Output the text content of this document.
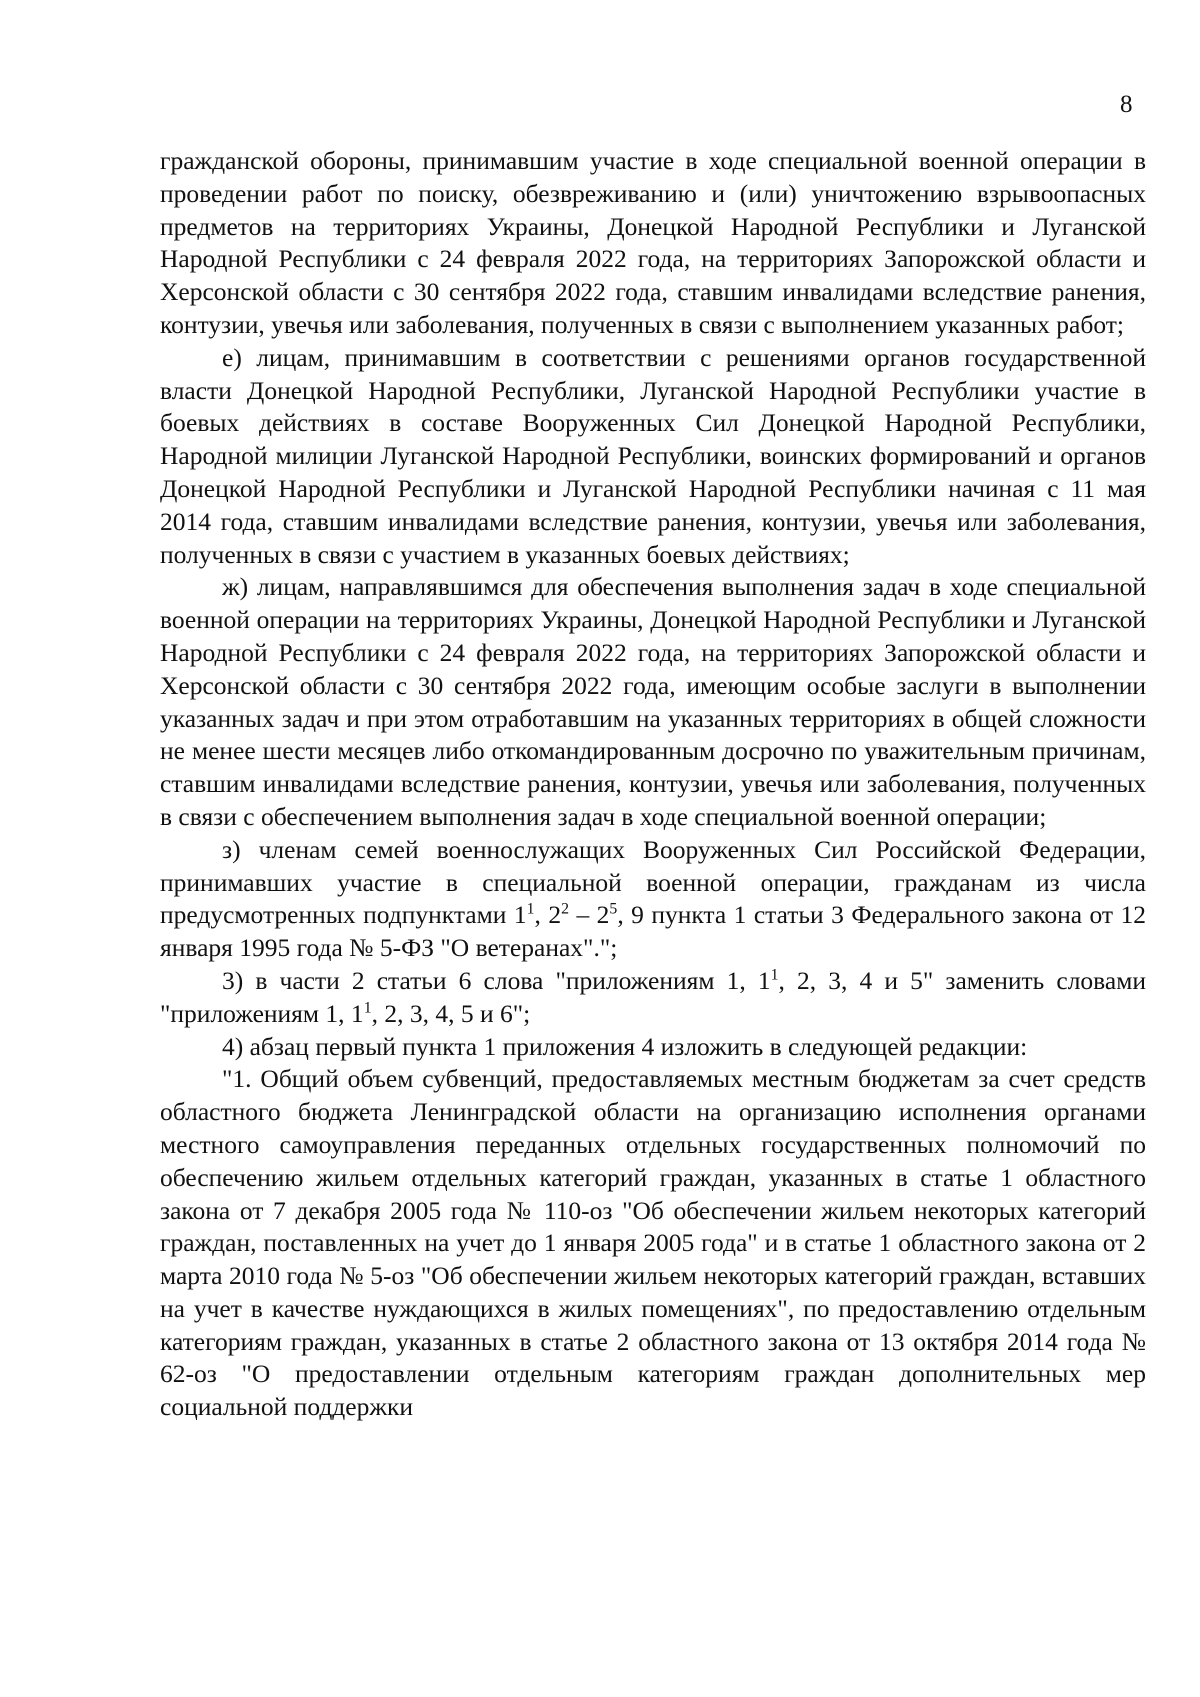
8

гражданской обороны, принимавшим участие в ходе специальной военной операции в проведении работ по поиску, обезвреживанию и (или) уничтожению взрывоопасных предметов на территориях Украины, Донецкой Народной Республики и Луганской Народной Республики с 24 февраля 2022 года, на территориях Запорожской области и Херсонской области с 30 сентября 2022 года, ставшим инвалидами вследствие ранения, контузии, увечья или заболевания, полученных в связи с выполнением указанных работ;

е) лицам, принимавшим в соответствии с решениями органов государственной власти Донецкой Народной Республики, Луганской Народной Республики участие в боевых действиях в составе Вооруженных Сил Донецкой Народной Республики, Народной милиции Луганской Народной Республики, воинских формирований и органов Донецкой Народной Республики и Луганской Народной Республики начиная с 11 мая 2014 года, ставшим инвалидами вследствие ранения, контузии, увечья или заболевания, полученных в связи с участием в указанных боевых действиях;

ж) лицам, направлявшимся для обеспечения выполнения задач в ходе специальной военной операции на территориях Украины, Донецкой Народной Республики и Луганской Народной Республики с 24 февраля 2022 года, на территориях Запорожской области и Херсонской области с 30 сентября 2022 года, имеющим особые заслуги в выполнении указанных задач и при этом отработавшим на указанных территориях в общей сложности не менее шести месяцев либо откомандированным досрочно по уважительным причинам, ставшим инвалидами вследствие ранения, контузии, увечья или заболевания, полученных в связи с обеспечением выполнения задач в ходе специальной военной операции;

з) членам семей военнослужащих Вооруженных Сил Российской Федерации, принимавших участие в специальной военной операции, гражданам из числа предусмотренных подпунктами $1^1$, $2^2 - 2^5$, 9 пункта 1 статьи 3 Федерального закона от 12 января 1995 года № 5-ФЗ "О ветеранах".";

3) в части 2 статьи 6 слова "приложениям 1, $1^1$, 2, 3, 4 и 5" заменить словами "приложениям 1, $1^1$, 2, 3, 4, 5 и 6";

4) абзац первый пункта 1 приложения 4 изложить в следующей редакции:

"1. Общий объем субвенций, предоставляемых местным бюджетам за счет средств областного бюджета Ленинградской области на организацию исполнения органами местного самоуправления переданных отдельных государственных полномочий по обеспечению жильем отдельных категорий граждан, указанных в статье 1 областного закона от 7 декабря 2005 года № 110-оз "Об обеспечении жильем некоторых категорий граждан, поставленных на учет до 1 января 2005 года" и в статье 1 областного закона от 2 марта 2010 года № 5-оз "Об обеспечении жильем некоторых категорий граждан, вставших на учет в качестве нуждающихся в жилых помещениях", по предоставлению отдельным категориям граждан, указанных в статье 2 областного закона от 13 октября 2014 года № 62-оз "О предоставлении отдельным категориям граждан дополнительных мер социальной поддержки
